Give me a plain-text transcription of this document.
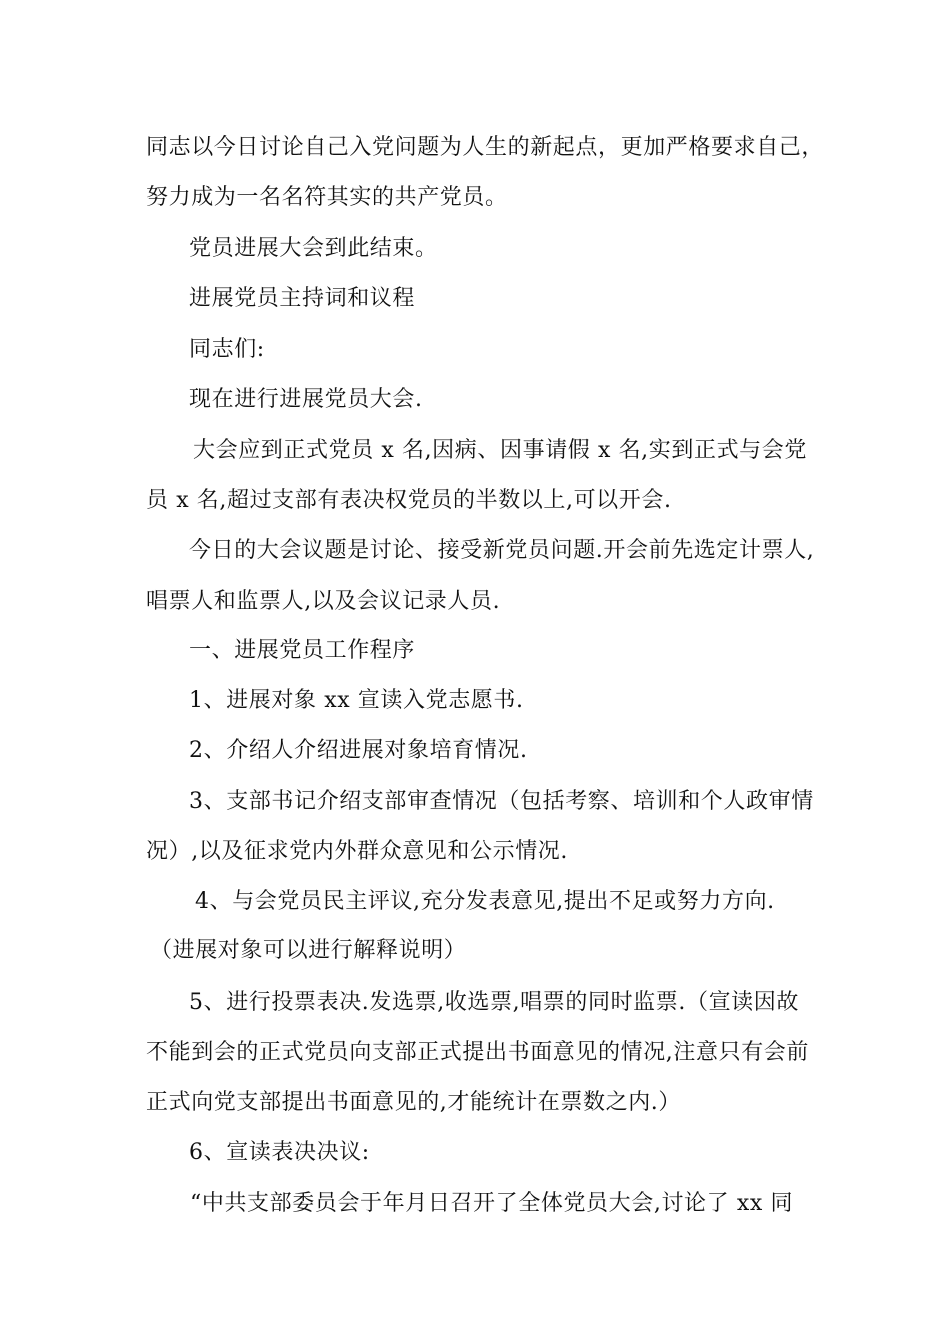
同志以今日讨论自己入党问题为人生的新起点，更加严格要求自己，
努力成为一名名符其实的共产党员。
党员进展大会到此结束。
进展党员主持词和议程
同志们:
现在进行进展党员大会.
大会应到正式党员 x 名,因病、因事请假 x 名,实到正式与会党
员 x 名,超过支部有表决权党员的半数以上,可以开会.
今日的大会议题是讨论、接受新党员问题.开会前先选定计票人,
唱票人和监票人,以及会议记录人员.
一、进展党员工作程序
1、进展对象 xx 宣读入党志愿书.
2、介绍人介绍进展对象培育情况.
3、支部书记介绍支部审查情况（包括考察、培训和个人政审情
况）,以及征求党内外群众意见和公示情况.
4、与会党员民主评议,充分发表意见,提出不足或努力方向.
（进展对象可以进行解释说明）
5、进行投票表决.发选票,收选票,唱票的同时监票.（宣读因故
不能到会的正式党员向支部正式提出书面意见的情况,注意只有会前
正式向党支部提出书面意见的,才能统计在票数之内.）
6、宣读表决决议:
“中共支部委员会于年月日召开了全体党员大会,讨论了 xx 同
